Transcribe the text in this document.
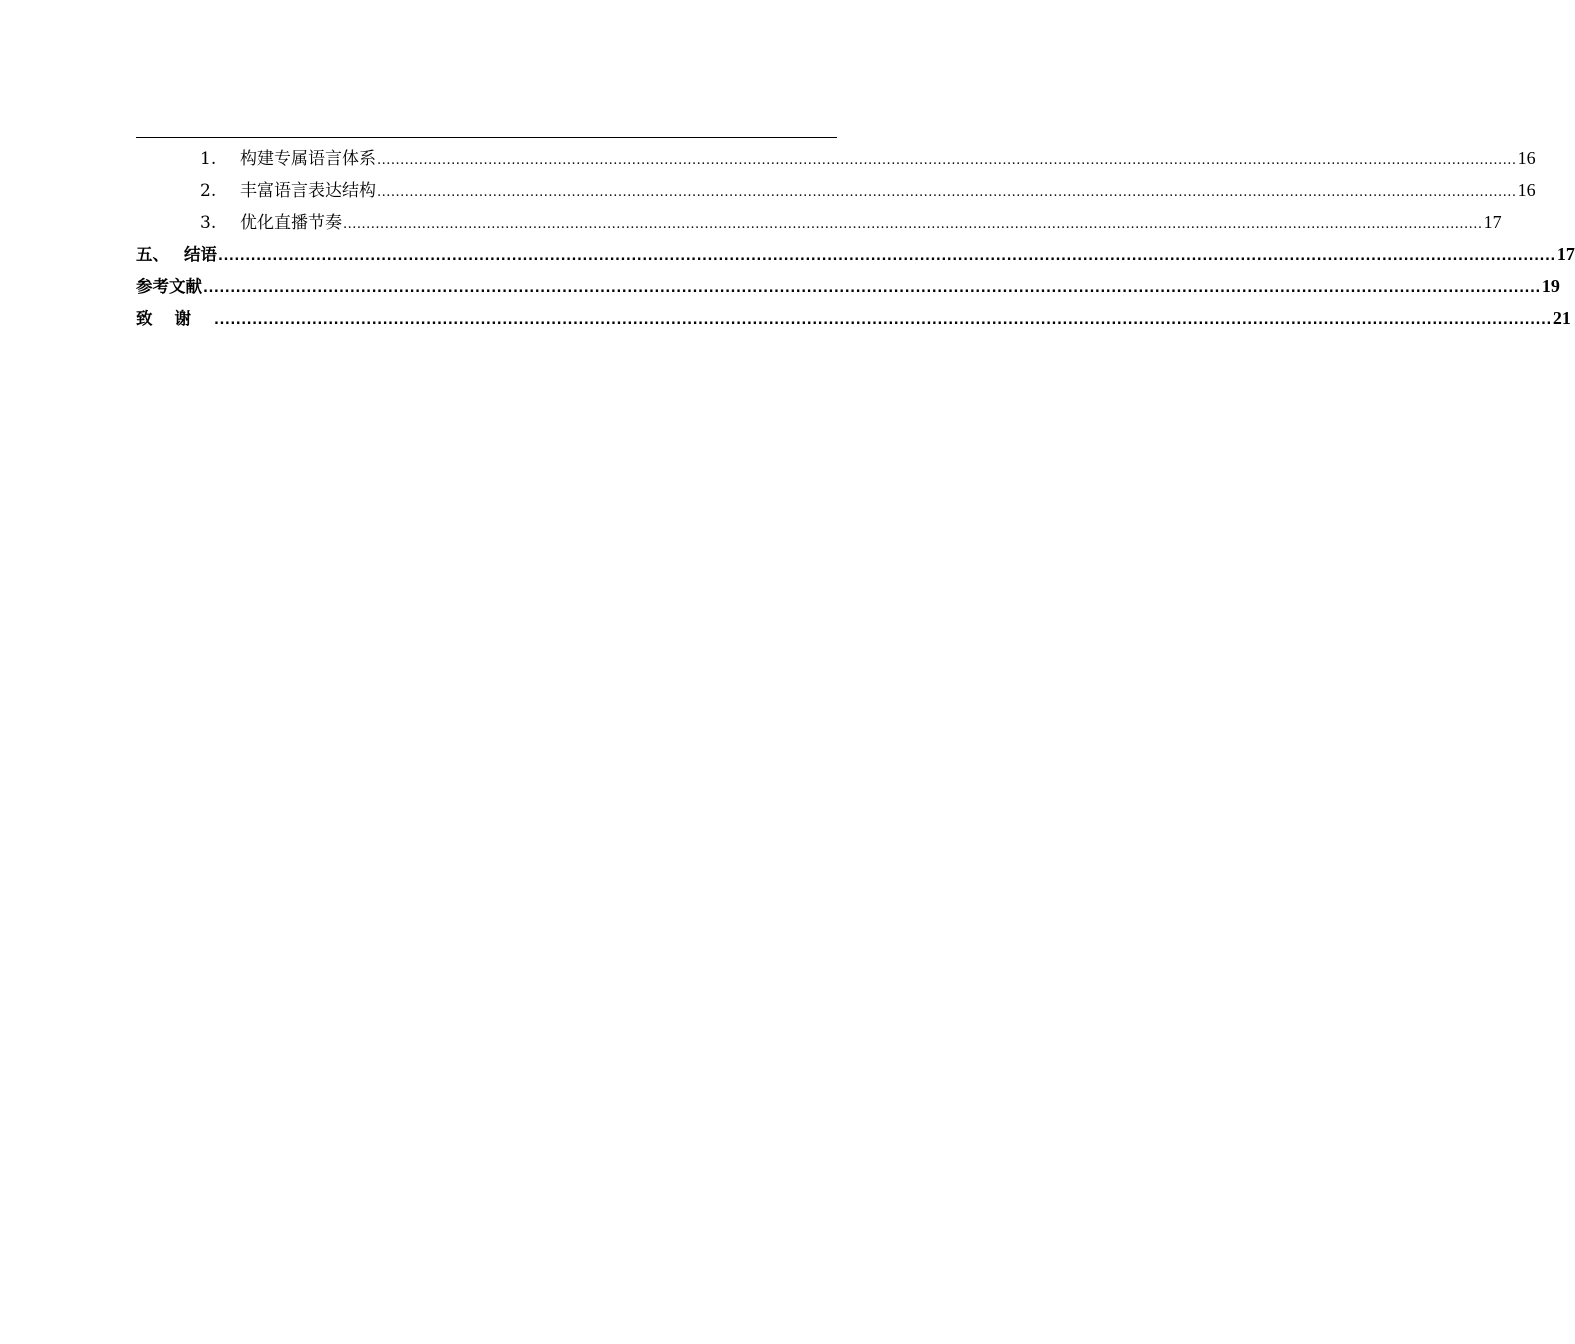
1.	构建专属语言体系 ...................................................................................................................................................................................................................................................... 16
2.	丰富语言表达结构 ...................................................................................................................................................................................................................................................... 16
3.	优化直播节奏 ...................................................................................................................................................................................................................................................... 17
五、 结语 ...................................................................................................................................................................................................................................................... 17
参考文献 ...................................................................................................................................................................................................................................................... 19
致谢 ...................................................................................................................................................................................................................................................... 21
